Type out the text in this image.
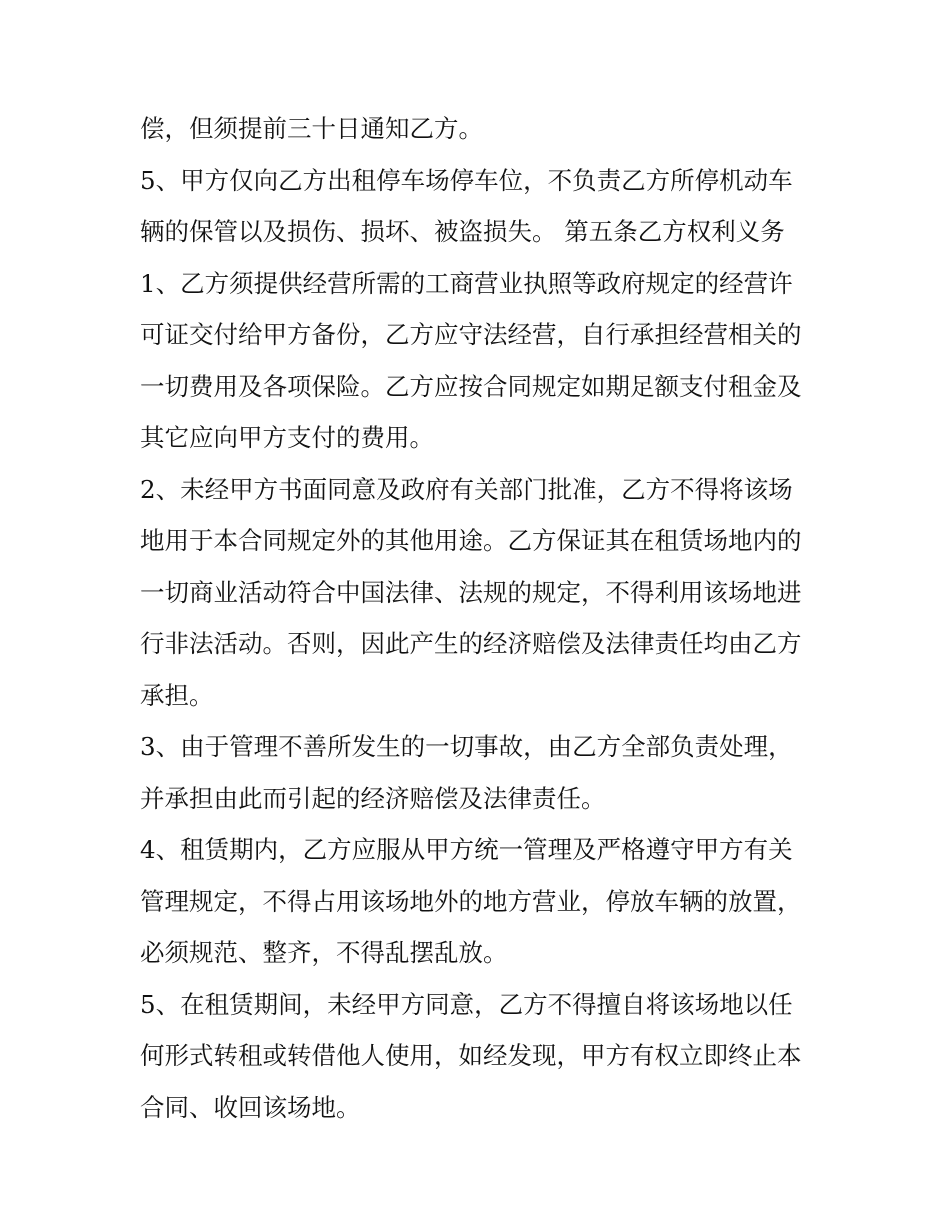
偿，但须提前三十日通知乙方。
5、甲方仅向乙方出租停车场停车位，不负责乙方所停机动车
辆的保管以及损伤、损坏、被盗损失。 第五条乙方权利义务
1、乙方须提供经营所需的工商营业执照等政府规定的经营许
可证交付给甲方备份，乙方应守法经营，自行承担经营相关的
一切费用及各项保险。乙方应按合同规定如期足额支付租金及
其它应向甲方支付的费用。
2、未经甲方书面同意及政府有关部门批准，乙方不得将该场
地用于本合同规定外的其他用途。乙方保证其在租赁场地内的
一切商业活动符合中国法律、法规的规定，不得利用该场地进
行非法活动。否则，因此产生的经济赔偿及法律责任均由乙方
承担。
3、由于管理不善所发生的一切事故，由乙方全部负责处理，
并承担由此而引起的经济赔偿及法律责任。
4、租赁期内，乙方应服从甲方统一管理及严格遵守甲方有关
管理规定，不得占用该场地外的地方营业，停放车辆的放置，
必须规范、整齐，不得乱摆乱放。
5、在租赁期间，未经甲方同意，乙方不得擅自将该场地以任
何形式转租或转借他人使用，如经发现，甲方有权立即终止本
合同、收回该场地。
